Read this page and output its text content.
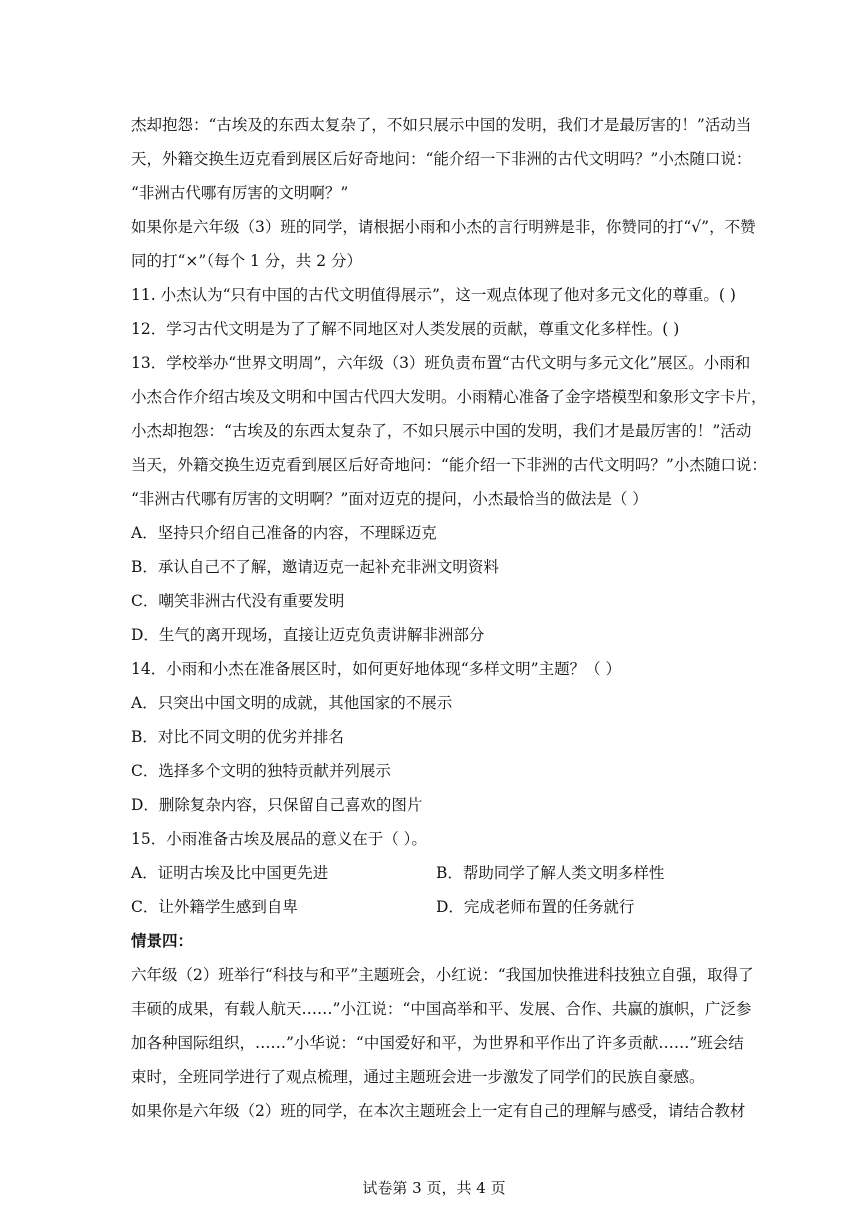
杰却抱怨：“古埃及的东西太复杂了，不如只展示中国的发明，我们才是最厉害的！”活动当
天，外籍交换生迈克看到展区后好奇地问：“能介绍一下非洲的古代文明吗？”小杰随口说：
“非洲古代哪有厉害的文明啊？”
如果你是六年级（3）班的同学，请根据小雨和小杰的言行明辨是非，你赞同的打“√”，不赞
同的打“×”（每个 1 分，共 2 分）
11. 小杰认为“只有中国的古代文明值得展示”，这一观点体现了他对多元文化的尊重。( )
12．学习古代文明是为了了解不同地区对人类发展的贡献，尊重文化多样性。( )
13．学校举办“世界文明周”，六年级（3）班负责布置“古代文明与多元文化”展区。小雨和
小杰合作介绍古埃及文明和中国古代四大发明。小雨精心准备了金字塔模型和象形文字卡片，
小杰却抱怨：“古埃及的东西太复杂了，不如只展示中国的发明，我们才是最厉害的！”活动
当天，外籍交换生迈克看到展区后好奇地问：“能介绍一下非洲的古代文明吗？”小杰随口说：
“非洲古代哪有厉害的文明啊？”面对迈克的提问，小杰最恰当的做法是（ ）
A．坚持只介绍自己准备的内容，不理睬迈克
B．承认自己不了解，邀请迈克一起补充非洲文明资料
C．嘲笑非洲古代没有重要发明
D．生气的离开现场，直接让迈克负责讲解非洲部分
14．小雨和小杰在准备展区时，如何更好地体现“多样文明”主题？（ ）
A．只突出中国文明的成就，其他国家的不展示
B．对比不同文明的优劣并排名
C．选择多个文明的独特贡献并列展示
D．删除复杂内容，只保留自己喜欢的图片
15．小雨准备古埃及展品的意义在于（ ）。
A．证明古埃及比中国更先进	B．帮助同学了解人类文明多样性
C．让外籍学生感到自卑	D．完成老师布置的任务就行
情景四：
六年级（2）班举行“科技与和平”主题班会，小红说：“我国加快推进科技独立自强，取得了
丰硕的成果，有载人航天……”小江说：“中国高举和平、发展、合作、共赢的旗帜，广泛参
加各种国际组织，……”小华说：“中国爱好和平，为世界和平作出了许多贡献……”班会结
束时，全班同学进行了观点梳理，通过主题班会进一步激发了同学们的民族自豪感。
如果你是六年级（2）班的同学，在本次主题班会上一定有自己的理解与感受，请结合教材
试卷第 3 页，共 4 页
